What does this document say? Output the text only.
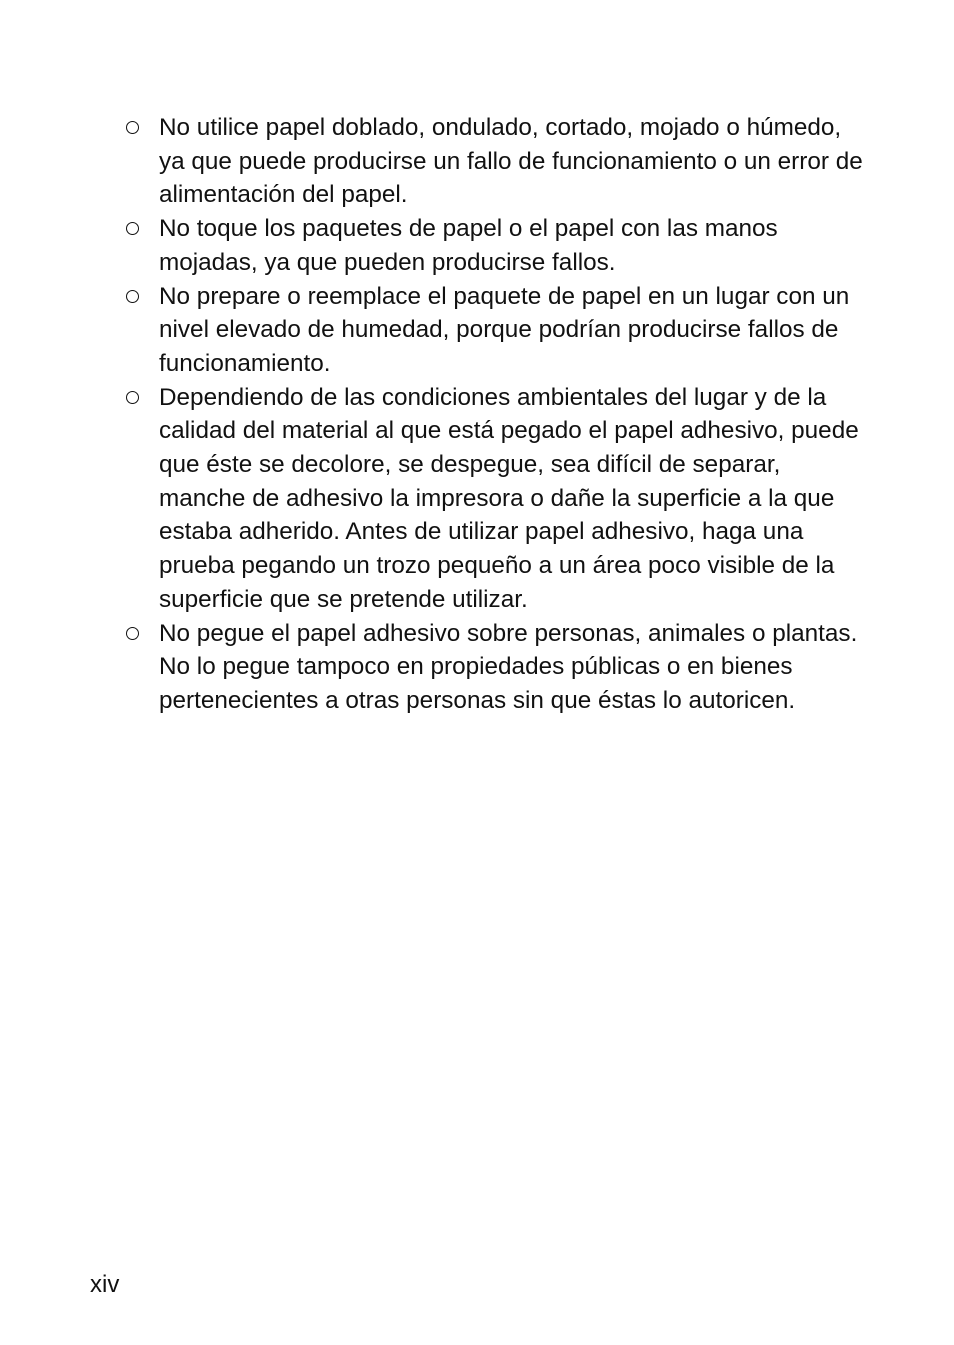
No utilice papel doblado, ondulado, cortado, mojado o húmedo, ya que puede producirse un fallo de funcionamiento o un error de alimentación del papel.
No toque los paquetes de papel o el papel con las manos mojadas, ya que pueden producirse fallos.
No prepare o reemplace el paquete de papel en un lugar con un nivel elevado de humedad, porque podrían producirse fallos de funcionamiento.
Dependiendo de las condiciones ambientales del lugar y de la calidad del material al que está pegado el papel adhesivo, puede que éste se decolore, se despegue, sea difícil de separar, manche de adhesivo la impresora o dañe la superficie a la que estaba adherido. Antes de utilizar papel adhesivo, haga una prueba pegando un trozo pequeño a un área poco visible de la superficie que se pretende utilizar.
No pegue el papel adhesivo sobre personas, animales o plantas. No lo pegue tampoco en propiedades públicas o en bienes pertenecientes a otras personas sin que éstas lo autoricen.
xiv
